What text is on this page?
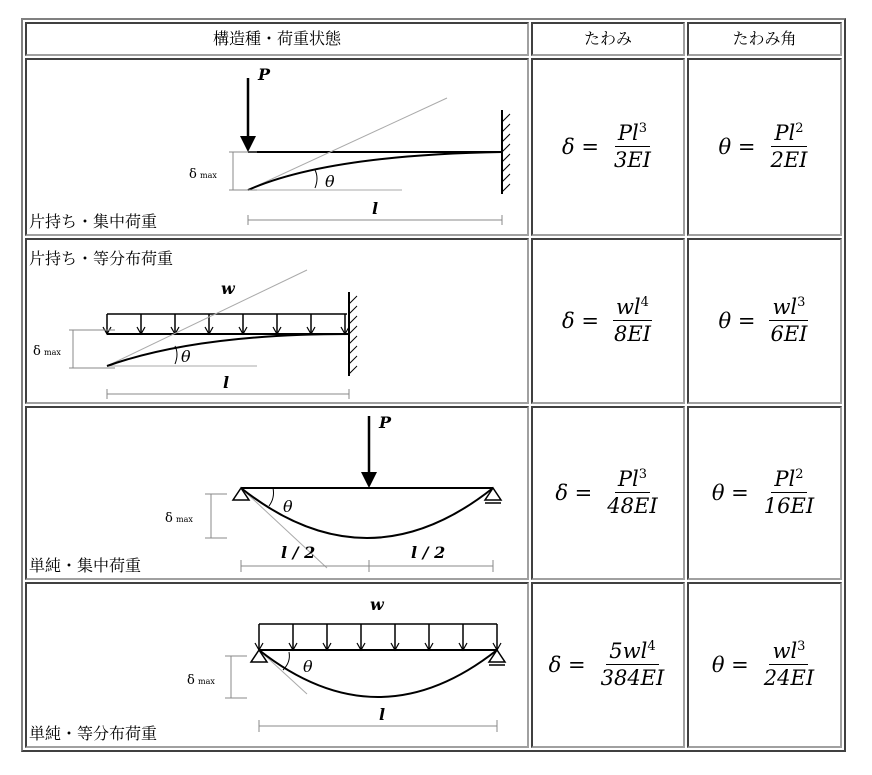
構造種・荷重状態	たわみ	たわみ角
P
δ max	θ
l
片持ち・集中荷重
$\delta = \frac{Pl^3}{3EI}$	$\theta = \frac{Pl^2}{2EI}$
w
δ max	θ
l
片持ち・等分布荷重
$\delta = \frac{wl^4}{8EI}$	$\theta = \frac{wl^3}{6EI}$
P
δ max
θ
l / 2	l / 2
単純・集中荷重
$\delta = \frac{Pl^3}{48EI}$ $\theta = \frac{Pl^2}{16EI}$
w
δ max
θ
l
単純・等分布荷重
$\delta = \frac{5wl^4}{384EI}$ $\theta = \frac{wl^3}{24EI}$
